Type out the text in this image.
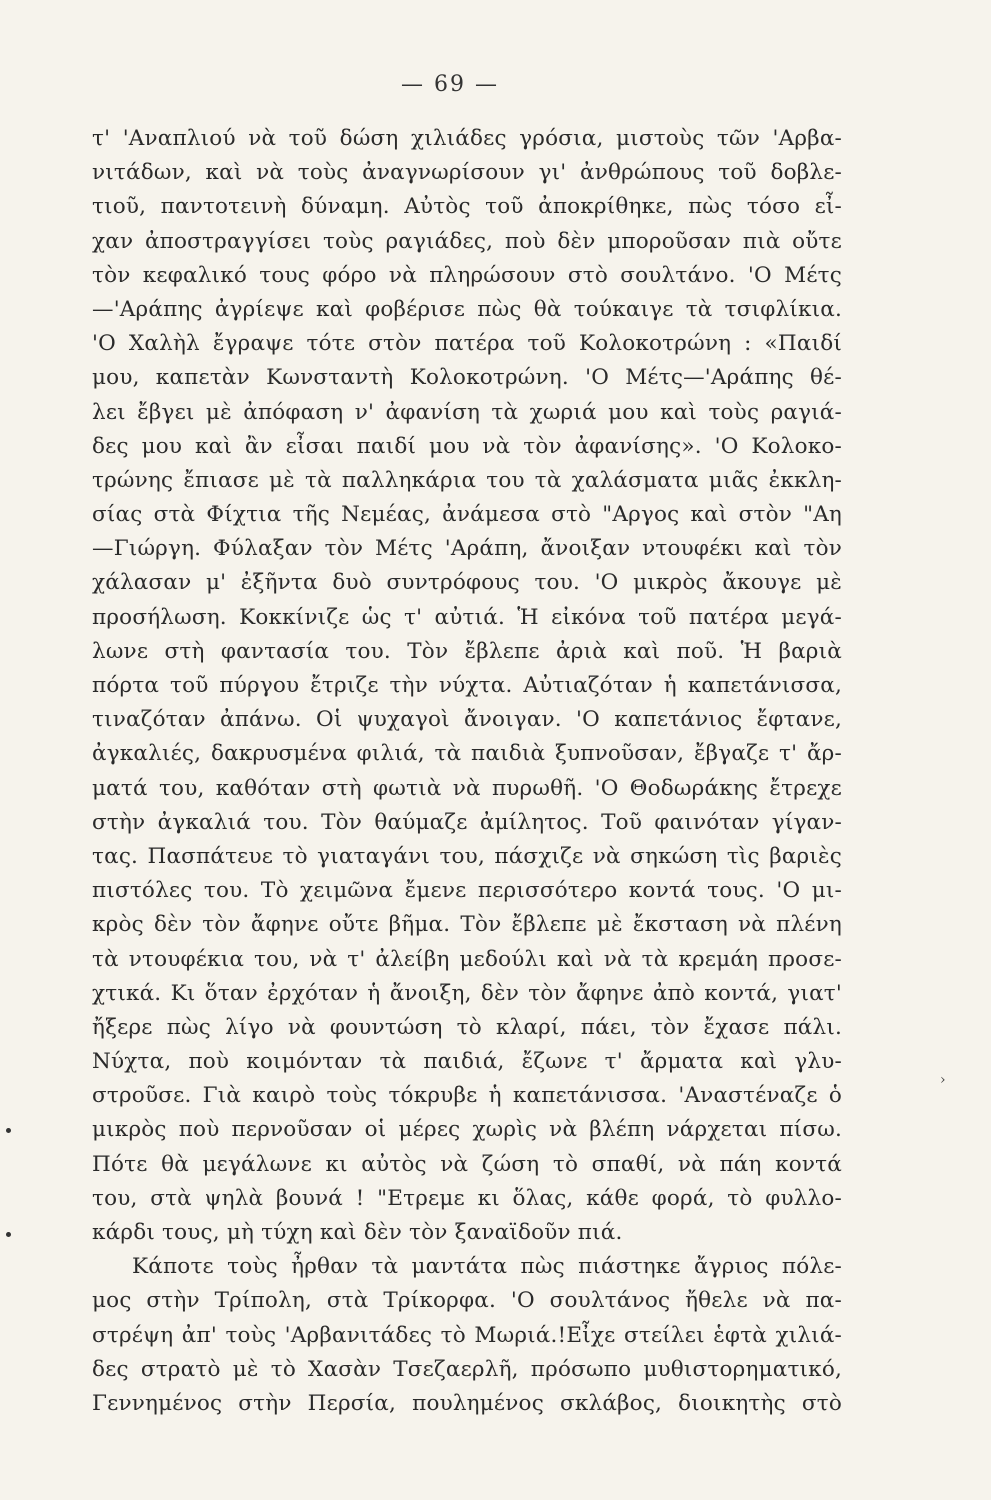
— 69 —
τ' 'Αναπλιού νὰ τοῦ δώση χιλιάδες γρόσια, μιστοὺς τῶν 'Αρβα-
νιτάδων, καὶ νὰ τοὺς ἀναγνωρίσουν γι' ἀνθρώπους τοῦ δοβλε-
τιοῦ, παντοτεινὴ δύναμη. Αὐτὸς τοῦ ἀποκρίθηκε, πὼς τόσο εἶ-
χαν ἀποστραγγίσει τοὺς ραγιάδες, ποὺ δὲν μποροῦσαν πιὰ οὔτε
τὸν κεφαλικό τους φόρο νὰ πληρώσουν στὸ σουλτάνο. 'Ο Μέτς
—'Αράπης ἀγρίεψε καὶ φοβέρισε πὼς θὰ τούκαιγε τὰ τσιφλίκια.
'Ο Χαλὴλ ἔγραψε τότε στὸν πατέρα τοῦ Κολοκοτρώνη : «Παιδί
μου, καπετὰν Κωνσταντὴ Κολοκοτρώνη. 'Ο Μέτς—'Αράπης θέ-
λει ἔβγει μὲ ἀπόφαση ν' ἀφανίση τὰ χωριά μου καὶ τοὺς ραγιά-
δες μου καὶ ἂν εἶσαι παιδί μου νὰ τὸν ἀφανίσης». 'Ο Κολοκο-
τρώνης ἔπιασε μὲ τὰ παλληκάρια του τὰ χαλάσματα μιᾶς ἐκκλη-
σίας στὰ Φίχτια τῆς Νεμέας, ἀνάμεσα στὸ "Αργος καὶ στὸν "Αη
—Γιώργη. Φύλαξαν τὸν Μέτς 'Αράπη, ἄνοιξαν ντουφέκι καὶ τὸν
χάλασαν μ' ἐξῆντα δυὸ συντρόφους του. 'Ο μικρὸς ἄκουγε μὲ
προσήλωση. Κοκκίνιζε ὡς τ' αὐτιά. Ἡ εἰκόνα τοῦ πατέρα μεγά-
λωνε στὴ φαντασία του. Τὸν ἔβλεπε ἀριὰ καὶ ποῦ. Ἡ βαριὰ
πόρτα τοῦ πύργου ἔτριζε τὴν νύχτα. Αὐτιαζόταν ἡ καπετάνισσα,
τιναζόταν ἀπάνω. Οἱ ψυχαγοὶ ἄνοιγαν. 'Ο καπετάνιος ἔφτανε,
ἀγκαλιές, δακρυσμένα φιλιά, τὰ παιδιὰ ξυπνοῦσαν, ἔβγαζε τ' ἄρ-
ματά του, καθόταν στὴ φωτιὰ νὰ πυρωθῆ. 'Ο Θοδωράκης ἔτρεχε
στὴν ἀγκαλιά του. Τὸν θαύμαζε ἀμίλητος. Τοῦ φαινόταν γίγαν-
τας. Πασπάτευε τὸ γιαταγάνι του, πάσχιζε νὰ σηκώση τὶς βαριὲς
πιστόλες του. Τὸ χειμῶνα ἔμενε περισσότερο κοντά τους. 'Ο μι-
κρὸς δὲν τὸν ἄφηνε οὔτε βῆμα. Τὸν ἔβλεπε μὲ ἔκσταση νὰ πλένη
τὰ ντουφέκια του, νὰ τ' ἀλείβη μεδούλι καὶ νὰ τὰ κρεμάη προσε-
χτικά. Κι ὅταν ἐρχόταν ἡ ἄνοιξη, δὲν τὸν ἄφηνε ἀπὸ κοντά, γιατ'
ἤξερε πὼς λίγο νὰ φουντώση τὸ κλαρί, πάει, τὸν ἔχασε πάλι.
Νύχτα, ποὺ κοιμόνταν τὰ παιδιά, ἔζωνε τ' ἄρματα καὶ γλυ-
στροῦσε. Γιὰ καιρὸ τοὺς τόκρυβε ἡ καπετάνισσα. 'Αναστέναζε ὁ
μικρὸς ποὺ περνοῦσαν οἱ μέρες χωρὶς νὰ βλέπη νάρχεται πίσω.
Πότε θὰ μεγάλωνε κι αὐτὸς νὰ ζώση τὸ σπαθί, νὰ πάη κοντά
του, στὰ ψηλὰ βουνά ! "Ετρεμε κι ὅλας, κάθε φορά, τὸ φυλλο-
κάρδι τους, μὴ τύχη καὶ δὲν τὸν ξαναϊδοῦν πιά.
Κάποτε τοὺς ἦρθαν τὰ μαντάτα πὼς πιάστηκε ἄγριος πόλε-
μος στὴν Τρίπολη, στὰ Τρίκορφα. 'Ο σουλτάνος ἤθελε νὰ πα-
στρέψη ἀπ' τοὺς 'Αρβανιτάδες τὸ Μωριά.!Εἶχε στείλει ἑφτὰ χιλιά-
δες στρατὸ μὲ τὸ Χασὰν Τσεζαερλῆ, πρόσωπο μυθιστορηματικό,
Γεννημένος στὴν Περσία, πουλημένος σκλάβος, διοικητὴς στὸ
›
